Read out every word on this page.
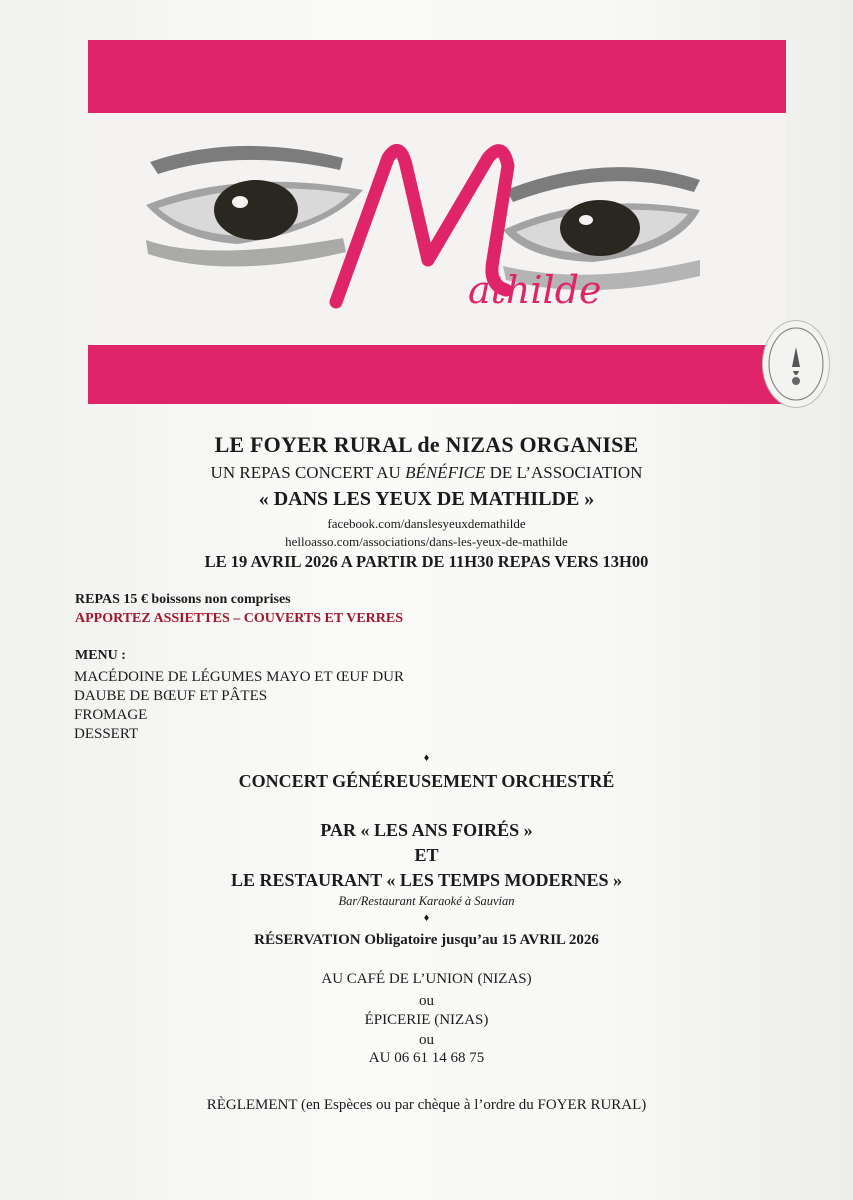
athilde
LE FOYER RURAL de NIZAS ORGANISE
UN REPAS CONCERT AU BÉNÉFICE DE L’ASSOCIATION
« DANS LES YEUX DE MATHILDE »
facebook.com/danslesyeuxdemathilde
helloasso.com/associations/dans-les-yeux-de-mathilde
LE 19 AVRIL 2026 A PARTIR DE 11H30 REPAS VERS 13H00
REPAS 15 € boissons non comprises
APPORTEZ ASSIETTES – COUVERTS ET VERRES
MENU :
MACÉDOINE DE LÉGUMES MAYO ET ŒUF DUR
DAUBE DE BŒUF ET PÂTES
FROMAGE
DESSERT
♦
CONCERT GÉNÉREUSEMENT ORCHESTRÉ
PAR « LES ANS FOIRÉS »
ET
LE RESTAURANT « LES TEMPS MODERNES »
Bar/Restaurant Karaoké à Sauvian
♦
RÉSERVATION Obligatoire jusqu’au 15 AVRIL 2026
AU CAFÉ DE L’UNION (NIZAS)
ou
ÉPICERIE (NIZAS)
ou
AU 06 61 14 68 75
RÈGLEMENT (en Espèces ou par chèque à l’ordre du FOYER RURAL)
